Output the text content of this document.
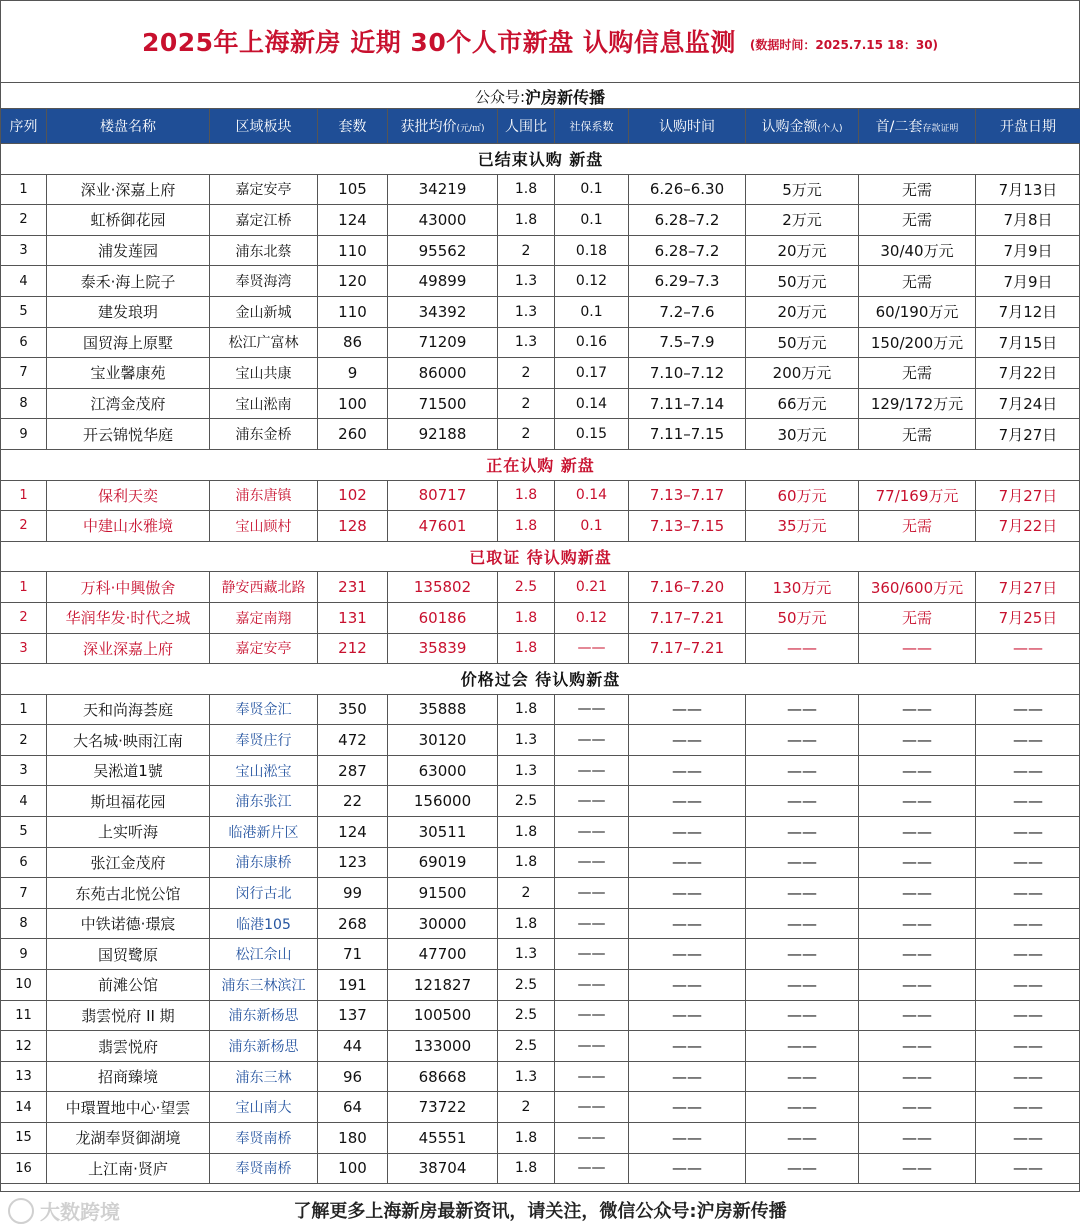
2025年上海新房 近期 30个人市新盘 认购信息监测 (数据时间：2025.7.15 18：30)
公众号: 沪房新传播
序列	楼盘名称	区域板块	套数	获批均价(元/㎡)	人围比	社保系数	认购时间	认购金额(个人)	首/二套存款证明	开盘日期
已结束认购 新盘										
1	深业·深嘉上府	嘉定安亭	105	34219	1.8	0.1	6.26–6.30	5万元	无需	7月13日
2	虹桥御花园	嘉定江桥	124	43000	1.8	0.1	6.28–7.2	2万元	无需	7月8日
3	浦发莲园	浦东北蔡	110	95562	2	0.18	6.28–7.2	20万元	30/40万元	7月9日
4	泰禾·海上院子	奉贤海湾	120	49899	1.3	0.12	6.29–7.3	50万元	无需	7月9日
5	建发琅玥	金山新城	110	34392	1.3	0.1	7.2–7.6	20万元	60/190万元	7月12日
6	国贸海上原墅	松江广富林	86	71209	1.3	0.16	7.5–7.9	50万元	150/200万元	7月15日
7	宝业馨康苑	宝山共康	9	86000	2	0.17	7.10–7.12	200万元	无需	7月22日
8	江湾金茂府	宝山淞南	100	71500	2	0.14	7.11–7.14	66万元	129/172万元	7月24日
9	开云锦悦华庭	浦东金桥	260	92188	2	0.15	7.11–7.15	30万元	无需	7月27日
正在认购 新盘										
1	保利天奕	浦东唐镇	102	80717	1.8	0.14	7.13–7.17	60万元	77/169万元	7月27日
2	中建山水雅境	宝山顾村	128	47601	1.8	0.1	7.13–7.15	35万元	无需	7月22日
已取证 待认购新盘										
1	万科·中興傲舍	静安西藏北路	231	135802	2.5	0.21	7.16–7.20	130万元	360/600万元	7月27日
2	华润华发·时代之城	嘉定南翔	131	60186	1.8	0.12	7.17–7.21	50万元	无需	7月25日
3	深业深嘉上府	嘉定安亭	212	35839	1.8	——	7.17–7.21	——	——	——
价格过会 待认购新盘										
1	天和尚海荟庭	奉贤金汇	350	35888	1.8	——	——	——	——	——
2	大名城·映雨江南	奉贤庄行	472	30120	1.3	——	——	——	——	——
3	吴淞道1號	宝山淞宝	287	63000	1.3	——	——	——	——	——
4	斯坦福花园	浦东张江	22	156000	2.5	——	——	——	——	——
5	上实听海	临港新片区	124	30511	1.8	——	——	——	——	——
6	张江金茂府	浦东康桥	123	69019	1.8	——	——	——	——	——
7	东苑古北悦公馆	闵行古北	99	91500	2	——	——	——	——	——
8	中铁诺德·璟宸	临港105	268	30000	1.8	——	——	——	——	——
9	国贸鹭原	松江佘山	71	47700	1.3	——	——	——	——	——
10	前滩公馆	浦东三林滨江	191	121827	2.5	——	——	——	——	——
11	翡雲悦府 II 期	浦东新杨思	137	100500	2.5	——	——	——	——	——
12	翡雲悦府	浦东新杨思	44	133000	2.5	——	——	——	——	——
13	招商臻境	浦东三林	96	68668	1.3	——	——	——	——	——
14	中環置地中心·望雲	宝山南大	64	73722	2	——	——	——	——	——
15	龙湖奉贤御湖境	奉贤南桥	180	45551	1.8	——	——	——	——	——
16	上江南·贤庐	奉贤南桥	100	38704	1.8	——	——	——	——	——
了解更多上海新房最新资讯，请关注，微信公众号: 沪房新传播
大数跨境
